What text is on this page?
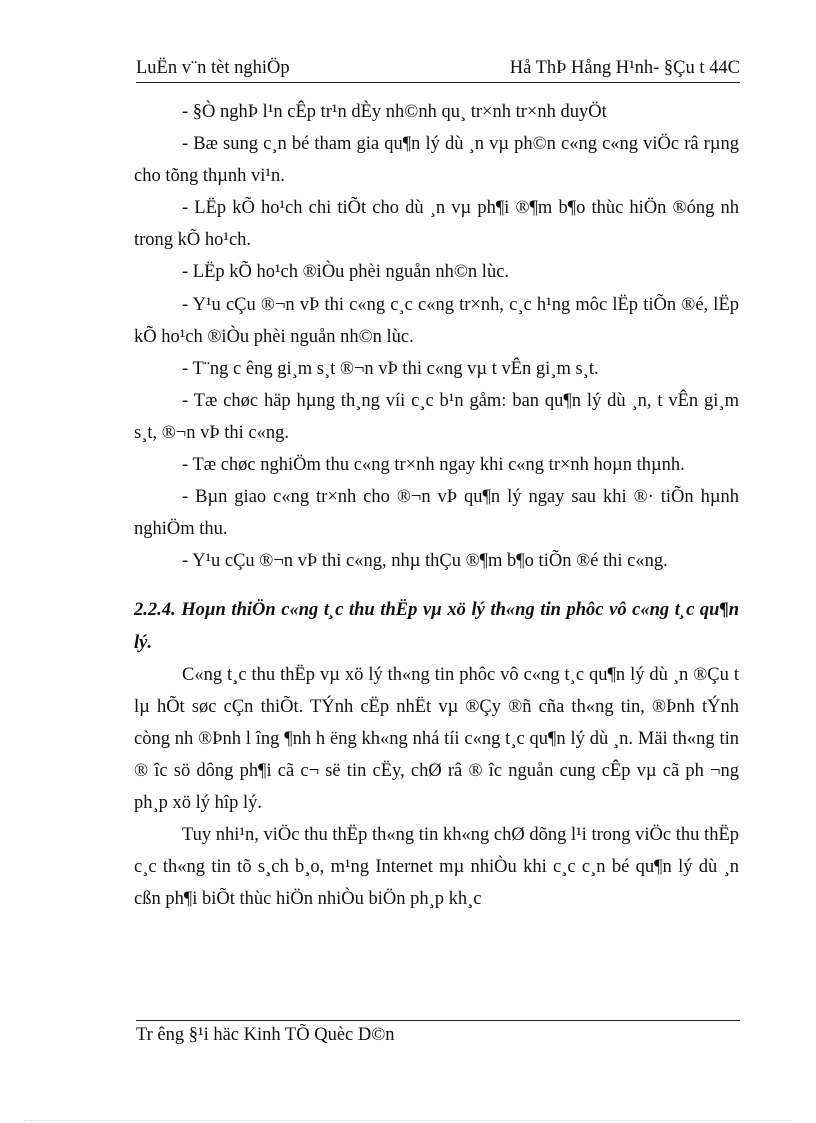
LuËn v¨n tèt nghiÖp	Hå ThÞ Hång H¹nh- §Çu t 44C

- §Ò nghÞ l¹n cÊp tr¹n dÈy nh©nh qu¸ tr×nh tr×nh duyÖt

- Bæ sung c¸n bé tham gia qu¶n lý dù ¸n vµ ph©n c«ng c«ng viÖc râ rµng cho tõng thµnh vi¹n.

- LËp kÕ ho¹ch chi tiÕt cho dù ¸n vµ ph¶i ®¶m b¶o thùc hiÖn ®óng nh trong kÕ ho¹ch.

- LËp kÕ ho¹ch ®iÒu phèi nguån nh©n lùc.

- Y¹u cÇu ®¬n vÞ thi c«ng c¸c c«ng tr×nh, c¸c h¹ng môc lËp tiÕn ®é, lËp kÕ ho¹ch ®iÒu phèi nguån nh©n lùc.

- T¨ng c êng gi¸m s¸t ®¬n vÞ thi c«ng vµ t vÊn gi¸m s¸t.

- Tæ chøc häp hµng th¸ng víi c¸c b¹n gåm: ban qu¶n lý dù ¸n, t vÊn gi¸m s¸t, ®¬n vÞ thi c«ng.

- Tæ chøc nghiÖm thu c«ng tr×nh ngay khi c«ng tr×nh hoµn thµnh.

- Bµn giao c«ng tr×nh cho ®¬n vÞ qu¶n lý ngay sau khi ®· tiÕn hµnh nghiÖm thu.

- Y¹u cÇu ®¬n vÞ thi c«ng, nhµ thÇu ®¶m b¶o tiÕn ®é thi c«ng.

2.2.4. Hoµn thiÖn c«ng t¸c thu thËp vµ xö lý th«ng tin phôc vô c«ng t¸c qu¶n lý.

C«ng t¸c thu thËp vµ xö lý th«ng tin phôc vô c«ng t¸c qu¶n lý dù ¸n ®Çu t lµ hÕt søc cÇn thiÕt. TÝnh cËp nhËt vµ ®Çy ®ñ cña th«ng tin, ®Þnh tÝnh còng nh ®Þnh l îng ¶nh h ëng kh«ng nhá tíi c«ng t¸c qu¶n lý dù ¸n. Mäi th«ng tin ® îc sö dông ph¶i cã c¬ së tin cËy, chØ râ ® îc nguån cung cÊp vµ cã ph ¬ng ph¸p xö lý hîp lý.

Tuy nhi¹n, viÖc thu thËp th«ng tin kh«ng chØ dõng l¹i trong viÖc thu thËp c¸c th«ng tin tõ s¸ch b¸o, m¹ng Internet mµ nhiÒu khi c¸c c¸n bé qu¶n lý dù ¸n cßn ph¶i biÕt thùc hiÖn nhiÒu biÖn ph¸p kh¸c

Tr êng §¹i häc Kinh TÕ Quèc D©n
